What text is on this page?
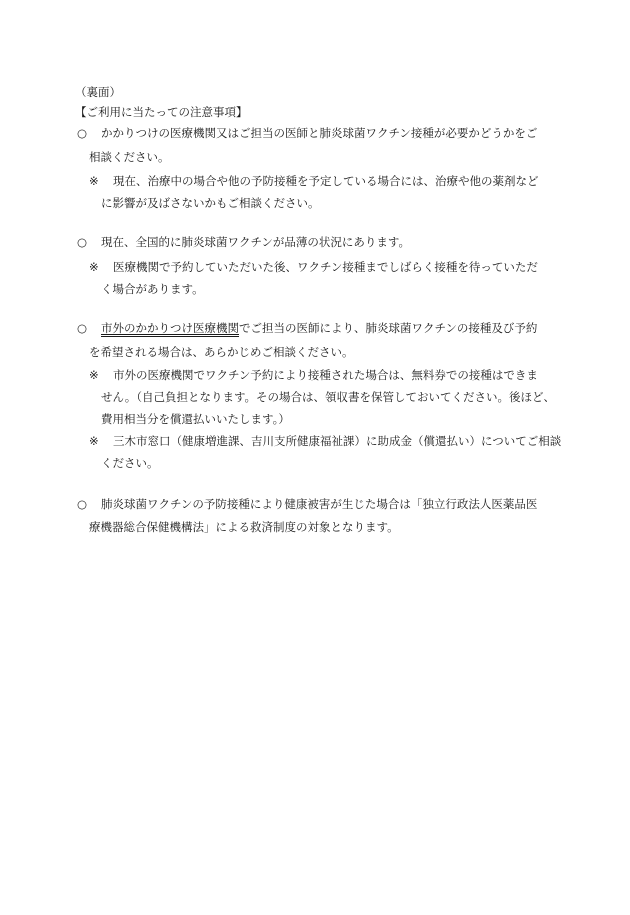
（裏面）
【ご利用に当たっての注意事項】
○ かかりつけの医療機関又はご担当の医師と肺炎球菌ワクチン接種が必要かどうかをご
相談ください。
※ 現在、治療中の場合や他の予防接種を予定している場合には、治療や他の薬剤など
に影響が及ばさないかもご相談ください。
○ 現在、全国的に肺炎球菌ワクチンが品薄の状況にあります。
※ 医療機関で予約していただいた後、ワクチン接種までしばらく接種を待っていただ
く場合があります。
○ 市外のかかりつけ医療機関でご担当の医師により、肺炎球菌ワクチンの接種及び予約
を希望される場合は、あらかじめご相談ください。
※ 市外の医療機関でワクチン予約により接種された場合は、無料券での接種はできま
せん。（自己負担となります。その場合は、領収書を保管しておいてください。後ほど、
費用相当分を償還払いいたします。）
※ 三木市窓口（健康増進課、吉川支所健康福祉課）に助成金（償還払い）についてご相談
ください。
○ 肺炎球菌ワクチンの予防接種により健康被害が生じた場合は「独立行政法人医薬品医
療機器総合保健機構法」による救済制度の対象となります。
